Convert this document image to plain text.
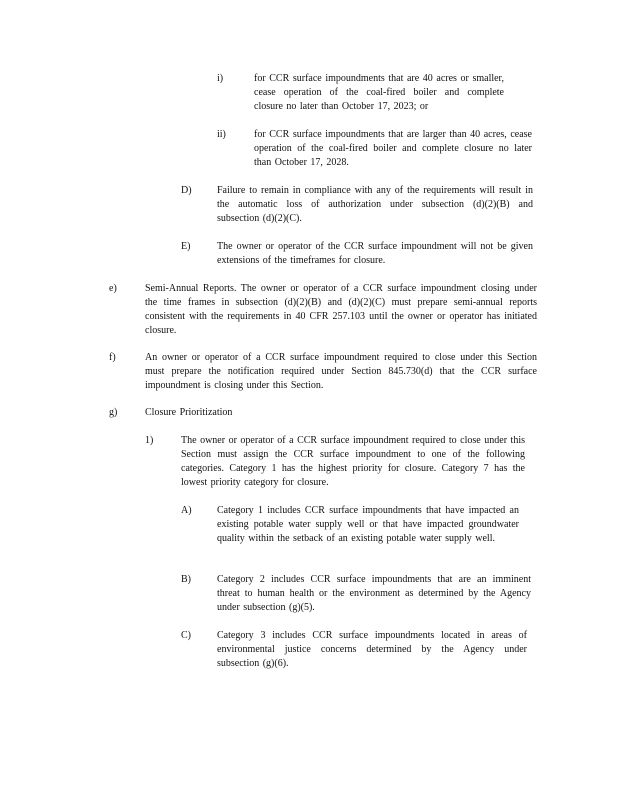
i)	for CCR surface impoundments that are 40 acres or smaller, cease operation of the coal-fired boiler and complete closure no later than October 17, 2023; or
ii)	for CCR surface impoundments that are larger than 40 acres, cease operation of the coal-fired boiler and complete closure no later than October 17, 2028.
D)	Failure to remain in compliance with any of the requirements will result in the automatic loss of authorization under subsection (d)(2)(B) and subsection (d)(2)(C).
E)	The owner or operator of the CCR surface impoundment will not be given extensions of the timeframes for closure.
e)	Semi-Annual Reports. The owner or operator of a CCR surface impoundment closing under the time frames in subsection (d)(2)(B) and (d)(2)(C) must prepare semi-annual reports consistent with the requirements in 40 CFR 257.103 until the owner or operator has initiated closure.
f)	An owner or operator of a CCR surface impoundment required to close under this Section must prepare the notification required under Section 845.730(d) that the CCR surface impoundment is closing under this Section.
g)	Closure Prioritization
1)	The owner or operator of a CCR surface impoundment required to close under this Section must assign the CCR surface impoundment to one of the following categories. Category 1 has the highest priority for closure. Category 7 has the lowest priority category for closure.
A)	Category 1 includes CCR surface impoundments that have impacted an existing potable water supply well or that have impacted groundwater quality within the setback of an existing potable water supply well.
B)	Category 2 includes CCR surface impoundments that are an imminent threat to human health or the environment as determined by the Agency under subsection (g)(5).
C)	Category 3 includes CCR surface impoundments located in areas of environmental justice concerns determined by the Agency under subsection (g)(6).
